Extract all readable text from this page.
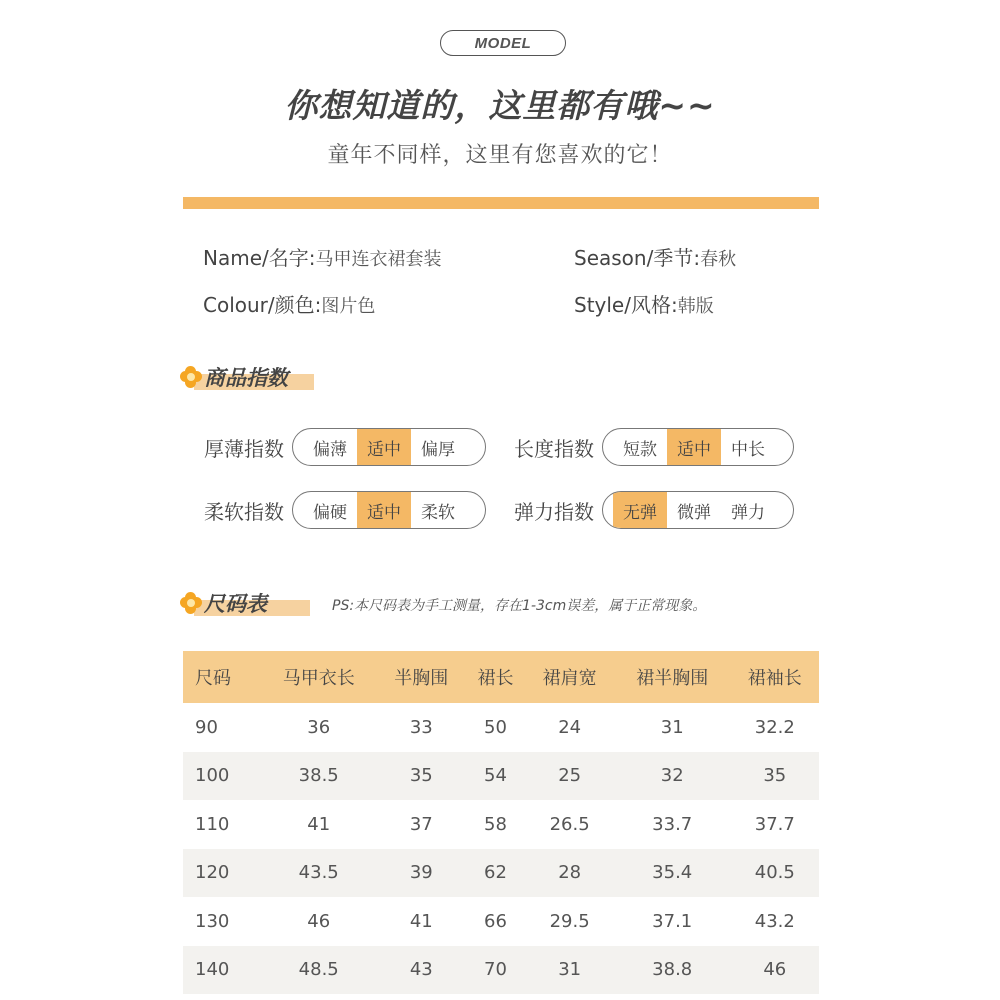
MODEL
你想知道的，这里都有哦~~
童年不同样，这里有您喜欢的它！
Name/名字:马甲连衣裙套装	Season/季节:春秋
Colour/颜色:图片色	Style/风格:韩版
商品指数
厚薄指数	偏薄	适中	偏厚	长度指数	短款	适中	中长
柔软指数	偏硬	适中	柔软	弹力指数	无弹	微弹	弹力
尺码表	PS:本尺码表为手工测量，存在1-3cm误差，属于正常现象。
尺码	马甲衣长	半胸围	裙长	裙肩宽	裙半胸围	裙袖长
90	36	33	50	24	31	32.2
100	38.5	35	54	25	32	35
110	41	37	58	26.5	33.7	37.7
120	43.5	39	62	28	35.4	40.5
130	46	41	66	29.5	37.1	43.2
140	48.5	43	70	31	38.8	46
